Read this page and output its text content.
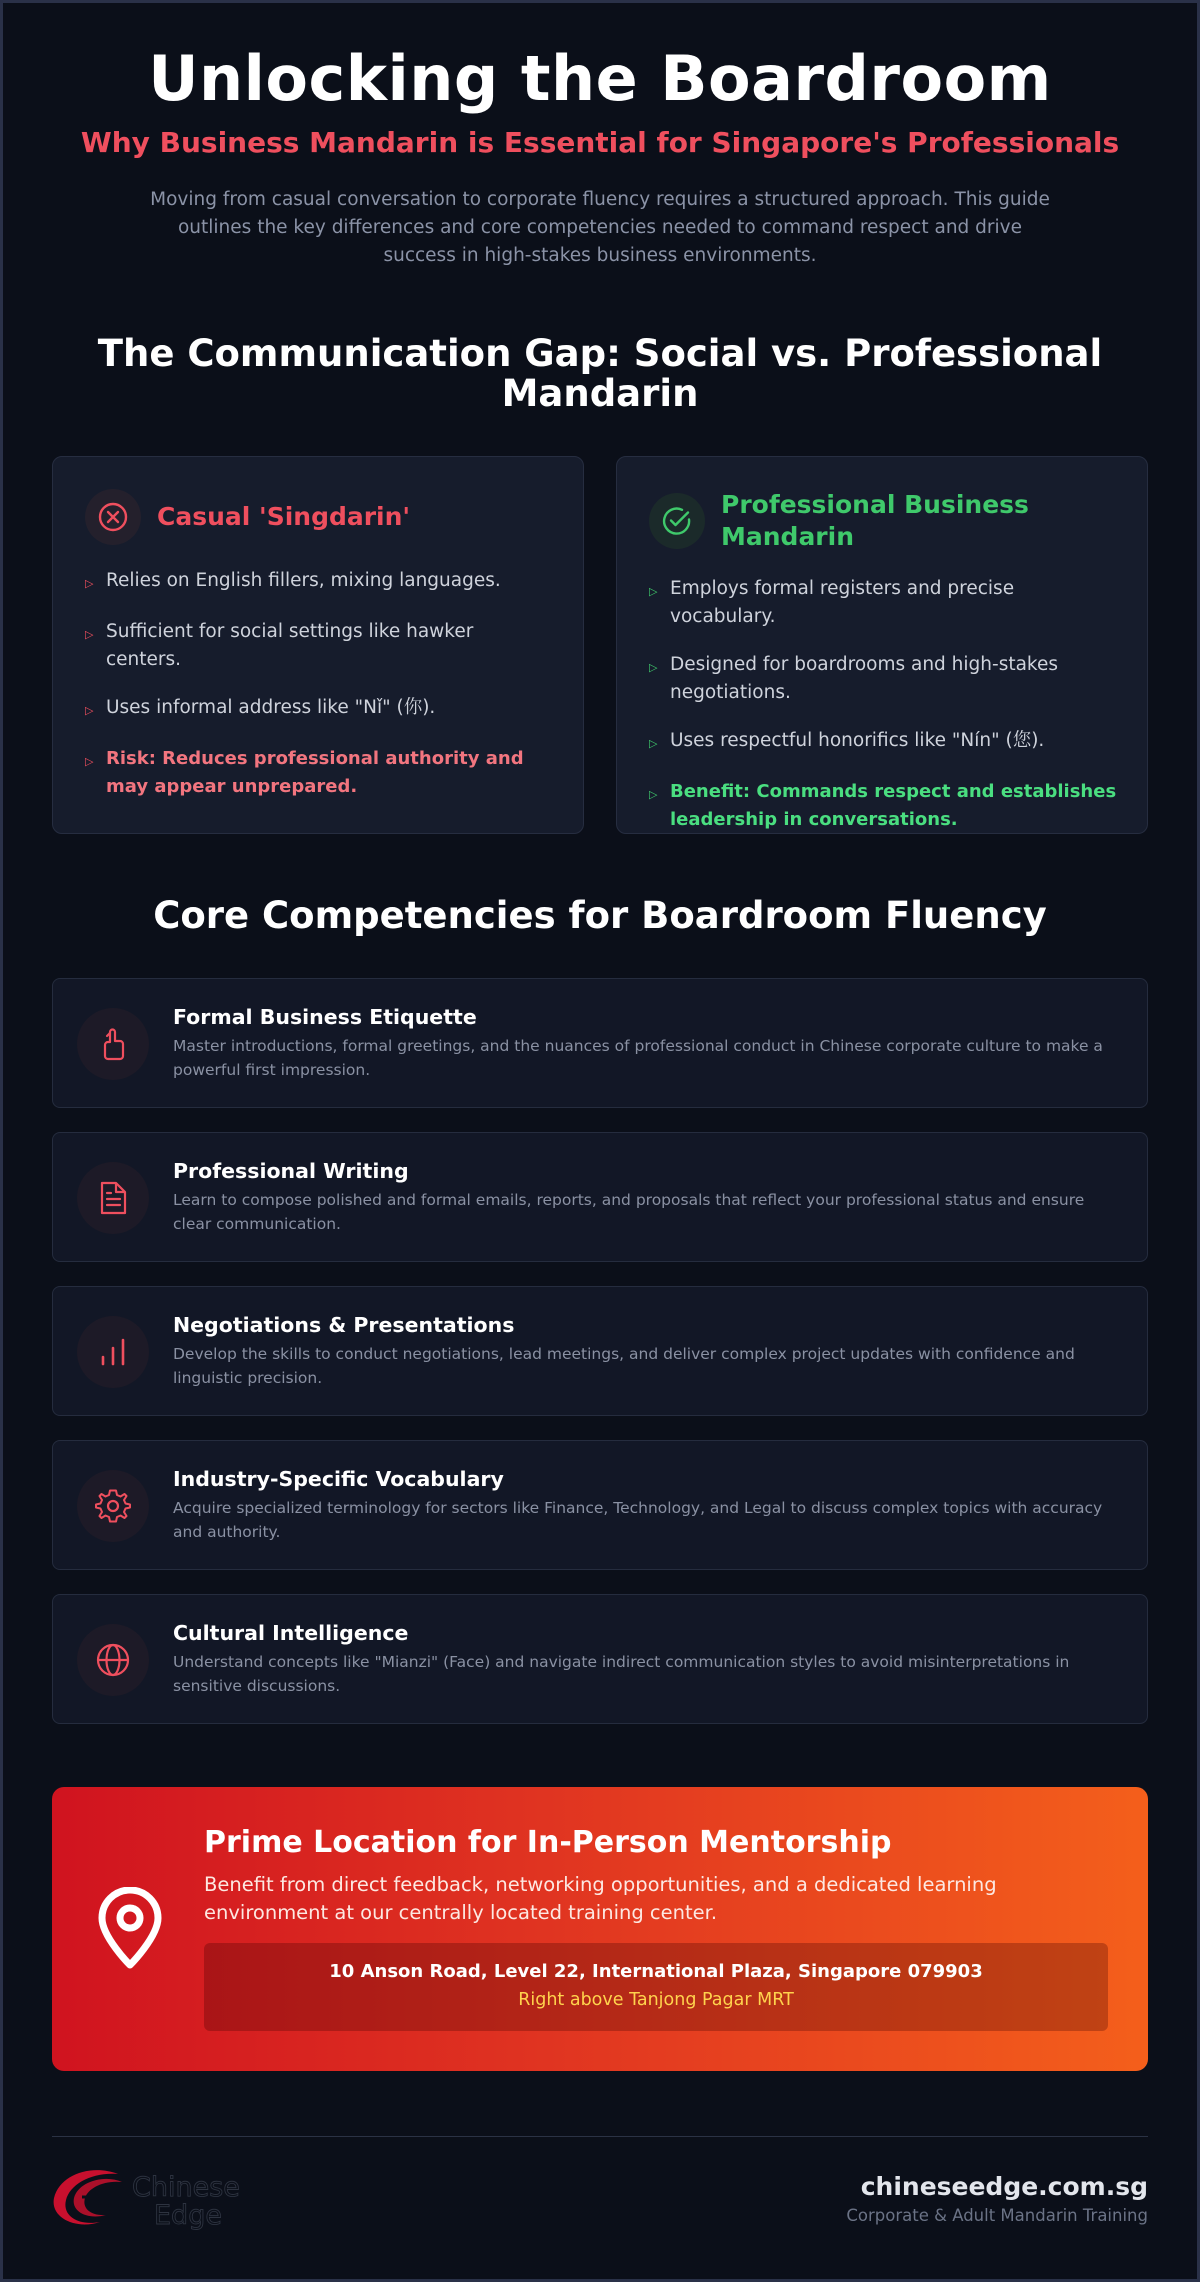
Unlocking the Boardroom
Why Business Mandarin is Essential for Singapore's Professionals

Moving from casual conversation to corporate fluency requires a structured approach. This guide outlines the key differences and core competencies needed to command respect and drive success in high-stakes business environments.

The Communication Gap: Social vs. Professional
Mandarin
Casual 'Singdarin'
▷ Relies on English fillers, mixing languages.
▷ Sufficient for social settings like hawker centers.
▷ Uses informal address like "Nǐ" (你).
▷ Risk: Reduces professional authority and may appear unprepared.
Professional Business Mandarin
▷ Employs formal registers and precise vocabulary.
▷ Designed for boardrooms and high-stakes negotiations.
▷ Uses respectful honorifics like "Nín" (您).
▷ Benefit: Commands respect and establishes leadership in conversations.
Core Competencies for Boardroom Fluency
Formal Business Etiquette
Master introductions, formal greetings, and the nuances of professional conduct in Chinese corporate culture to make a powerful first impression.
Professional Writing
Learn to compose polished and formal emails, reports, and proposals that reflect your professional status and ensure clear communication.
Negotiations & Presentations
Develop the skills to conduct negotiations, lead meetings, and deliver complex project updates with confidence and linguistic precision.
Industry-Specific Vocabulary
Acquire specialized terminology for sectors like Finance, Technology, and Legal to discuss complex topics with accuracy and authority.
Cultural Intelligence
Understand concepts like "Mianzi" (Face) and navigate indirect communication styles to avoid misinterpretations in sensitive discussions.
Prime Location for In-Person Mentorship
Benefit from direct feedback, networking opportunities, and a dedicated learning environment at our centrally located training center.
10 Anson Road, Level 22, International Plaza, Singapore 079903
Right above Tanjong Pagar MRT
Chinese
Edge
chineseedge.com.sg
Corporate & Adult Mandarin Training
